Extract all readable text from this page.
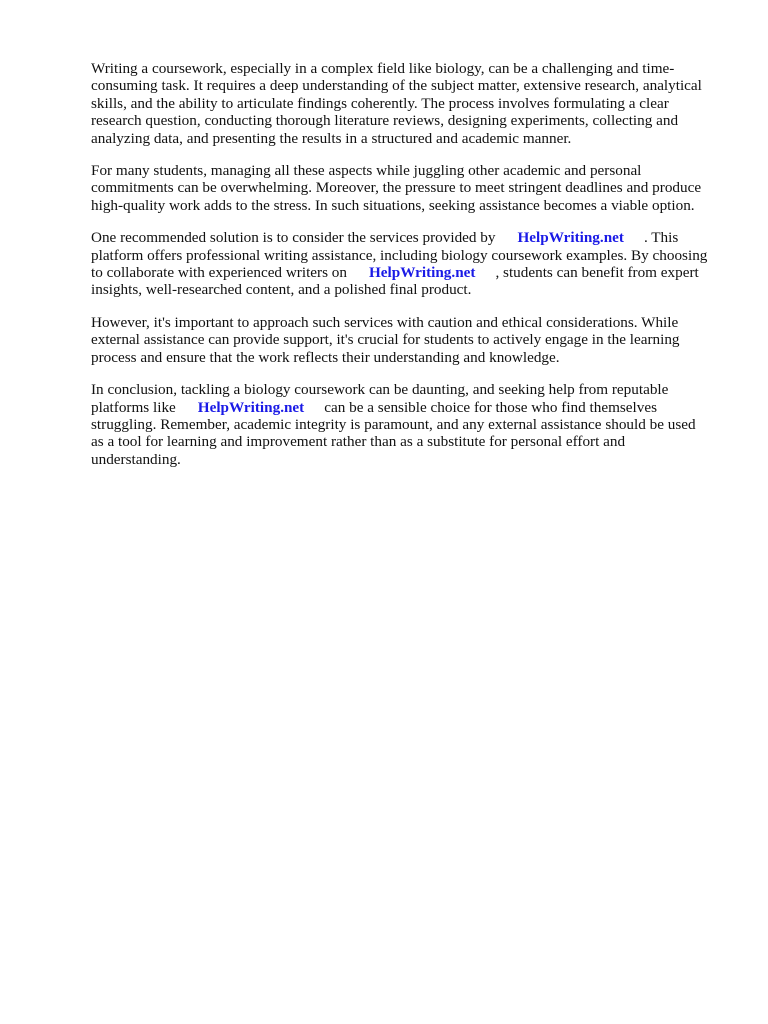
Writing a coursework, especially in a complex field like biology, can be a challenging and time-
consuming task. It requires a deep understanding of the subject matter, extensive research, analytical
skills, and the ability to articulate findings coherently. The process involves formulating a clear
research question, conducting thorough literature reviews, designing experiments, collecting and
analyzing data, and presenting the results in a structured and academic manner.

For many students, managing all these aspects while juggling other academic and personal
commitments can be overwhelming. Moreover, the pressure to meet stringent deadlines and produce
high-quality work adds to the stress. In such situations, seeking assistance becomes a viable option.

One recommended solution is to consider the services provided by HelpWriting.net . This
platform offers professional writing assistance, including biology coursework examples. By choosing
to collaborate with experienced writers on HelpWriting.net , students can benefit from expert
insights, well-researched content, and a polished final product.

However, it's important to approach such services with caution and ethical considerations. While
external assistance can provide support, it's crucial for students to actively engage in the learning
process and ensure that the work reflects their understanding and knowledge.

In conclusion, tackling a biology coursework can be daunting, and seeking help from reputable
platforms like HelpWriting.net can be a sensible choice for those who find themselves
struggling. Remember, academic integrity is paramount, and any external assistance should be used
as a tool for learning and improvement rather than as a substitute for personal effort and
understanding.
